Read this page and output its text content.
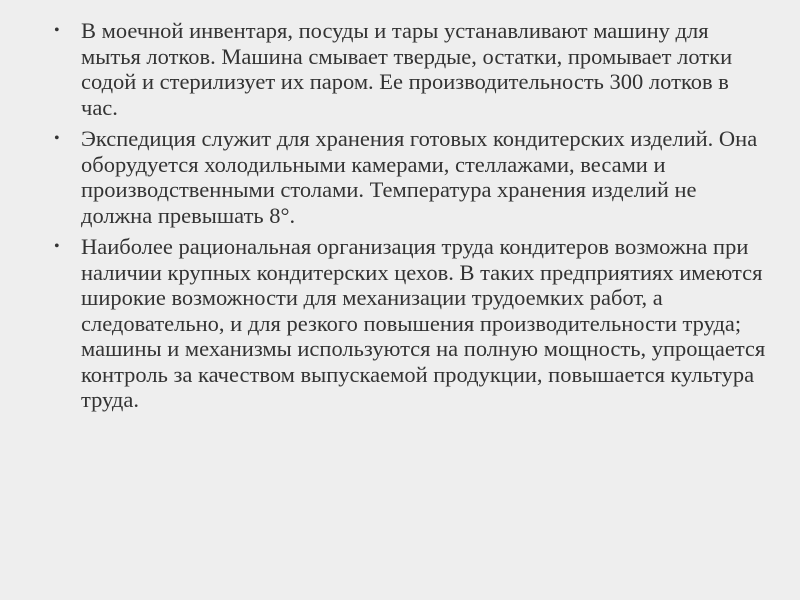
• В моечной инвентаря, посуды и тары устанавливают машину для мытья лотков. Машина смывает твердые, остатки, промывает лотки содой и стерилизует их паром. Ее производительность 300 лотков в час.
• Экспедиция служит для хранения готовых кондитерских изделий. Она оборудуется холодильными камерами, стеллажами, весами и производственными столами. Температура хранения изделий не должна превышать 8°.
• Наиболее рациональная организация труда кондитеров возможна при наличии крупных кондитерских цехов. В таких предприятиях имеются широкие возможности для механизации трудоемких работ, а следовательно, и для резкого повышения производительности труда; машины и механизмы используются на полную мощность, упрощается контроль за качеством выпускаемой продукции, повышается культура труда.
